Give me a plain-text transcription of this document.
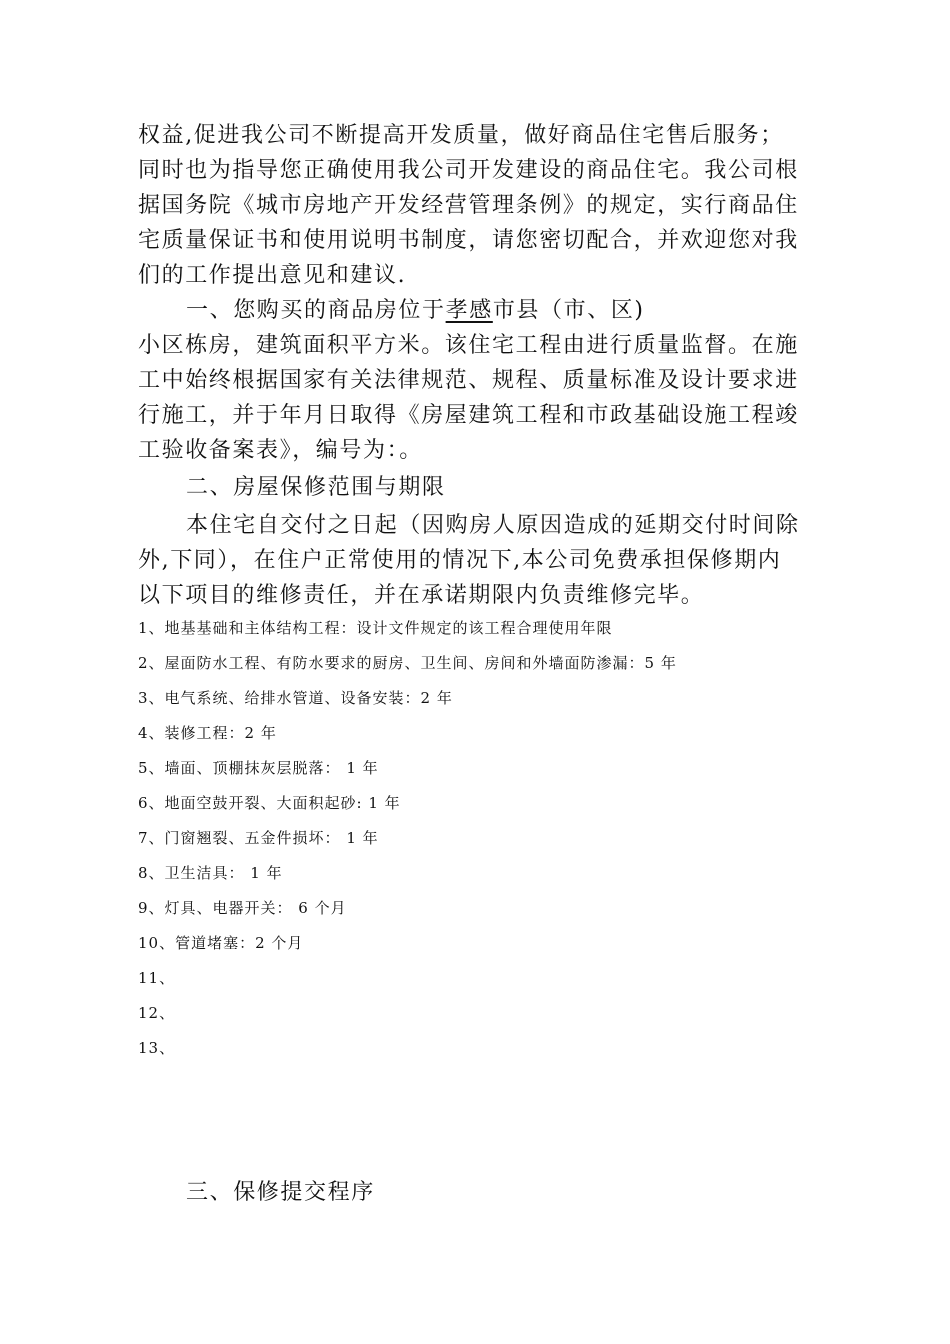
权益,促进我公司不断提高开发质量，做好商品住宅售后服务；
同时也为指导您正确使用我公司开发建设的商品住宅。我公司根
据国务院《城市房地产开发经营管理条例》的规定，实行商品住
宅质量保证书和使用说明书制度，请您密切配合，并欢迎您对我
们的工作提出意见和建议.
一、您购买的商品房位于孝感市县（市、区)
小区栋房，建筑面积平方米。该住宅工程由进行质量监督。在施
工中始终根据国家有关法律规范、规程、质量标准及设计要求进
行施工，并于年月日取得《房屋建筑工程和市政基础设施工程竣
工验收备案表》，编号为：。
二、房屋保修范围与期限
本住宅自交付之日起（因购房人原因造成的延期交付时间除
外,下同），在住户正常使用的情况下,本公司免费承担保修期内
以下项目的维修责任，并在承诺期限内负责维修完毕。
1、地基基础和主体结构工程：设计文件规定的该工程合理使用年限
2、屋面防水工程、有防水要求的厨房、卫生间、房间和外墙面防渗漏：5 年
3、电气系统、给排水管道、设备安装：2 年
4、装修工程：2 年
5、墙面、顶棚抹灰层脱落： 1 年
6、地面空鼓开裂、大面积起砂: 1 年
7、门窗翘裂、五金件损坏： 1 年
8、卫生洁具： 1 年
9、灯具、电器开关： 6 个月
10、管道堵塞：2 个月
11、
12、
13、
三、保修提交程序
